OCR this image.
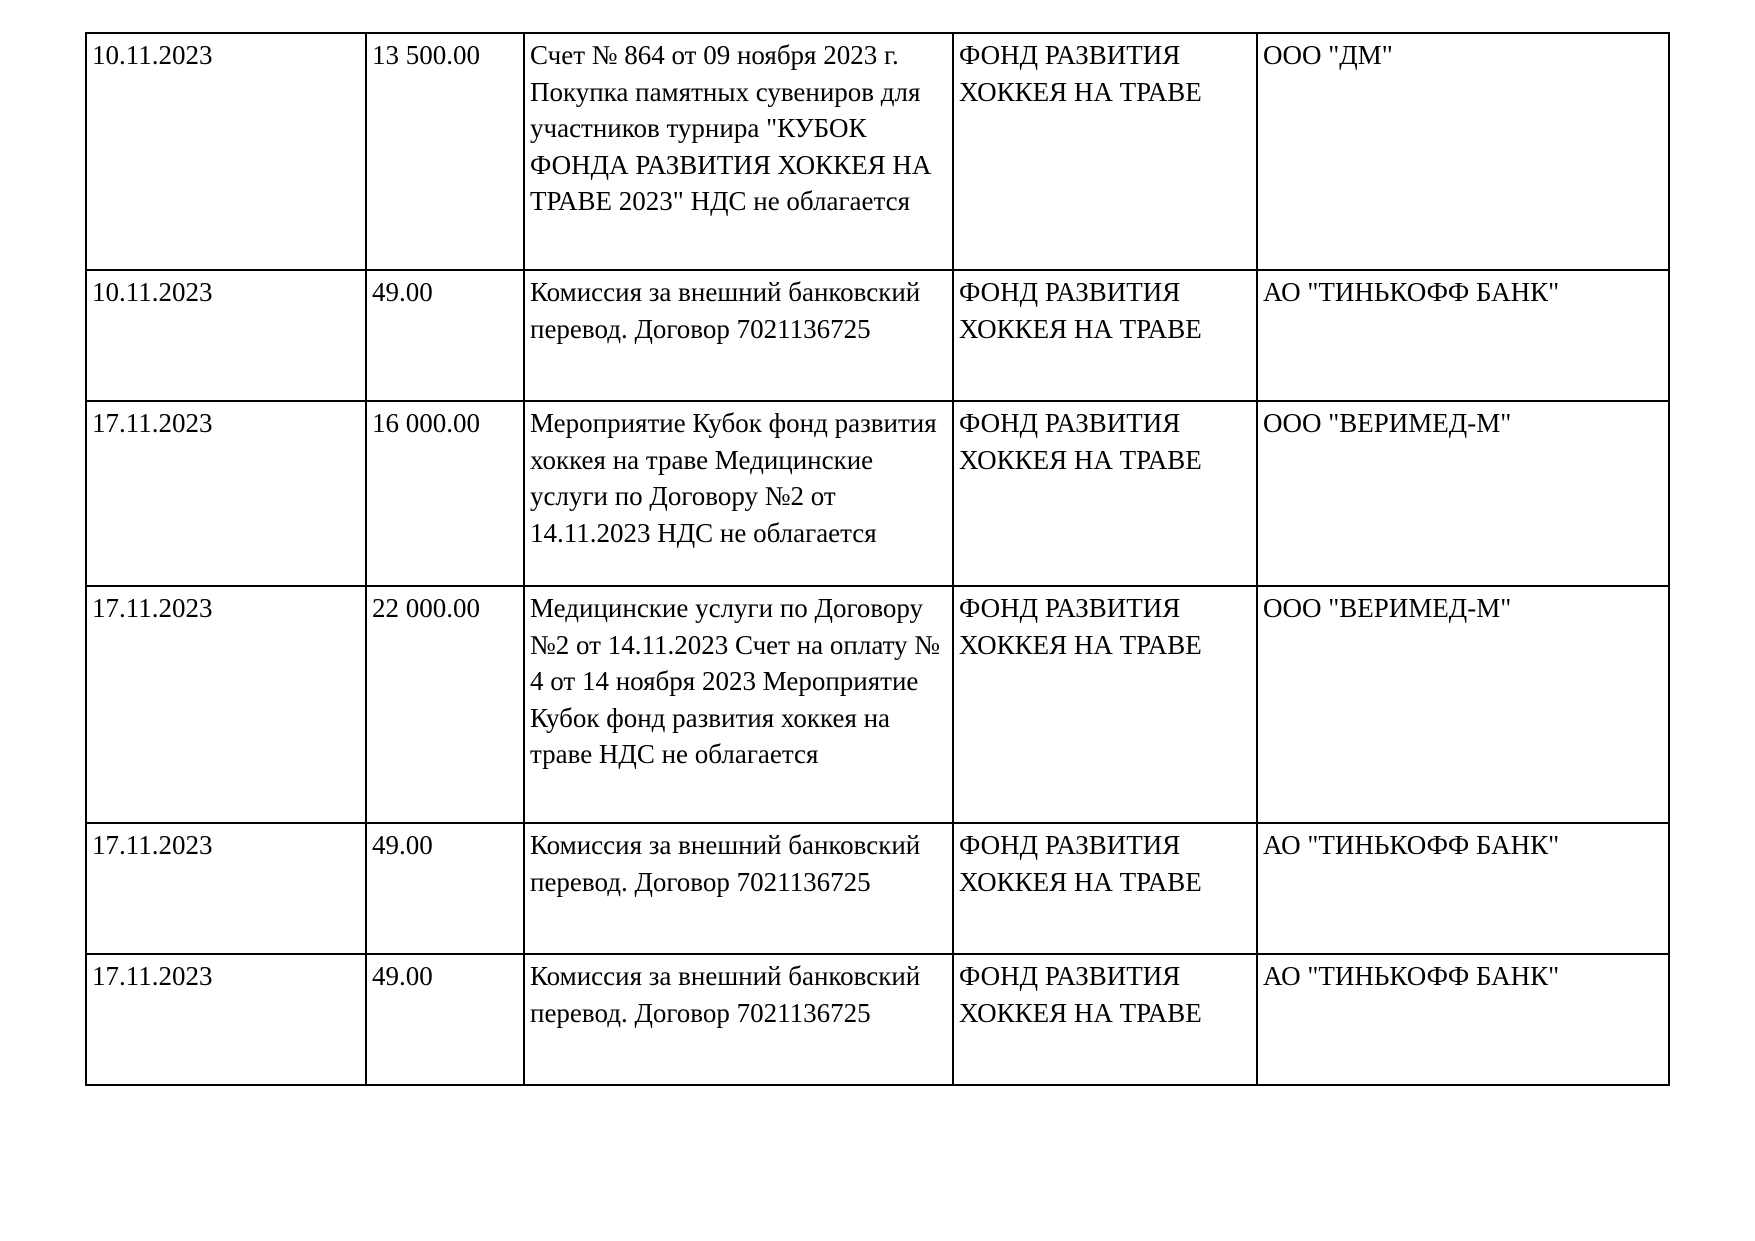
10.11.2023	13 500.00	Счет № 864 от 09 ноября 2023 г. Покупка памятных сувениров для участников турнира "КУБОК ФОНДА РАЗВИТИЯ ХОККЕЯ НА ТРАВЕ 2023" НДС не облагается	ФОНД РАЗВИТИЯ ХОККЕЯ НА ТРАВЕ	ООО "ДМ"
10.11.2023	49.00	Комиссия за внешний банковский перевод. Договор 7021136725	ФОНД РАЗВИТИЯ ХОККЕЯ НА ТРАВЕ	АО "ТИНЬКОФФ БАНК"
17.11.2023	16 000.00	Мероприятие Кубок фонд развития хоккея на траве Медицинские услуги по Договору №2 от 14.11.2023 НДС не облагается	ФОНД РАЗВИТИЯ ХОККЕЯ НА ТРАВЕ	ООО "ВЕРИМЕД-М"
17.11.2023	22 000.00	Медицинские услуги по Договору №2 от 14.11.2023 Счет на оплату № 4 от 14 ноября 2023 Мероприятие Кубок фонд развития хоккея на траве НДС не облагается	ФОНД РАЗВИТИЯ ХОККЕЯ НА ТРАВЕ	ООО "ВЕРИМЕД-М"
17.11.2023	49.00	Комиссия за внешний банковский перевод. Договор 7021136725	ФОНД РАЗВИТИЯ ХОККЕЯ НА ТРАВЕ	АО "ТИНЬКОФФ БАНК"
17.11.2023	49.00	Комиссия за внешний банковский перевод. Договор 7021136725	ФОНД РАЗВИТИЯ ХОККЕЯ НА ТРАВЕ	АО "ТИНЬКОФФ БАНК"
